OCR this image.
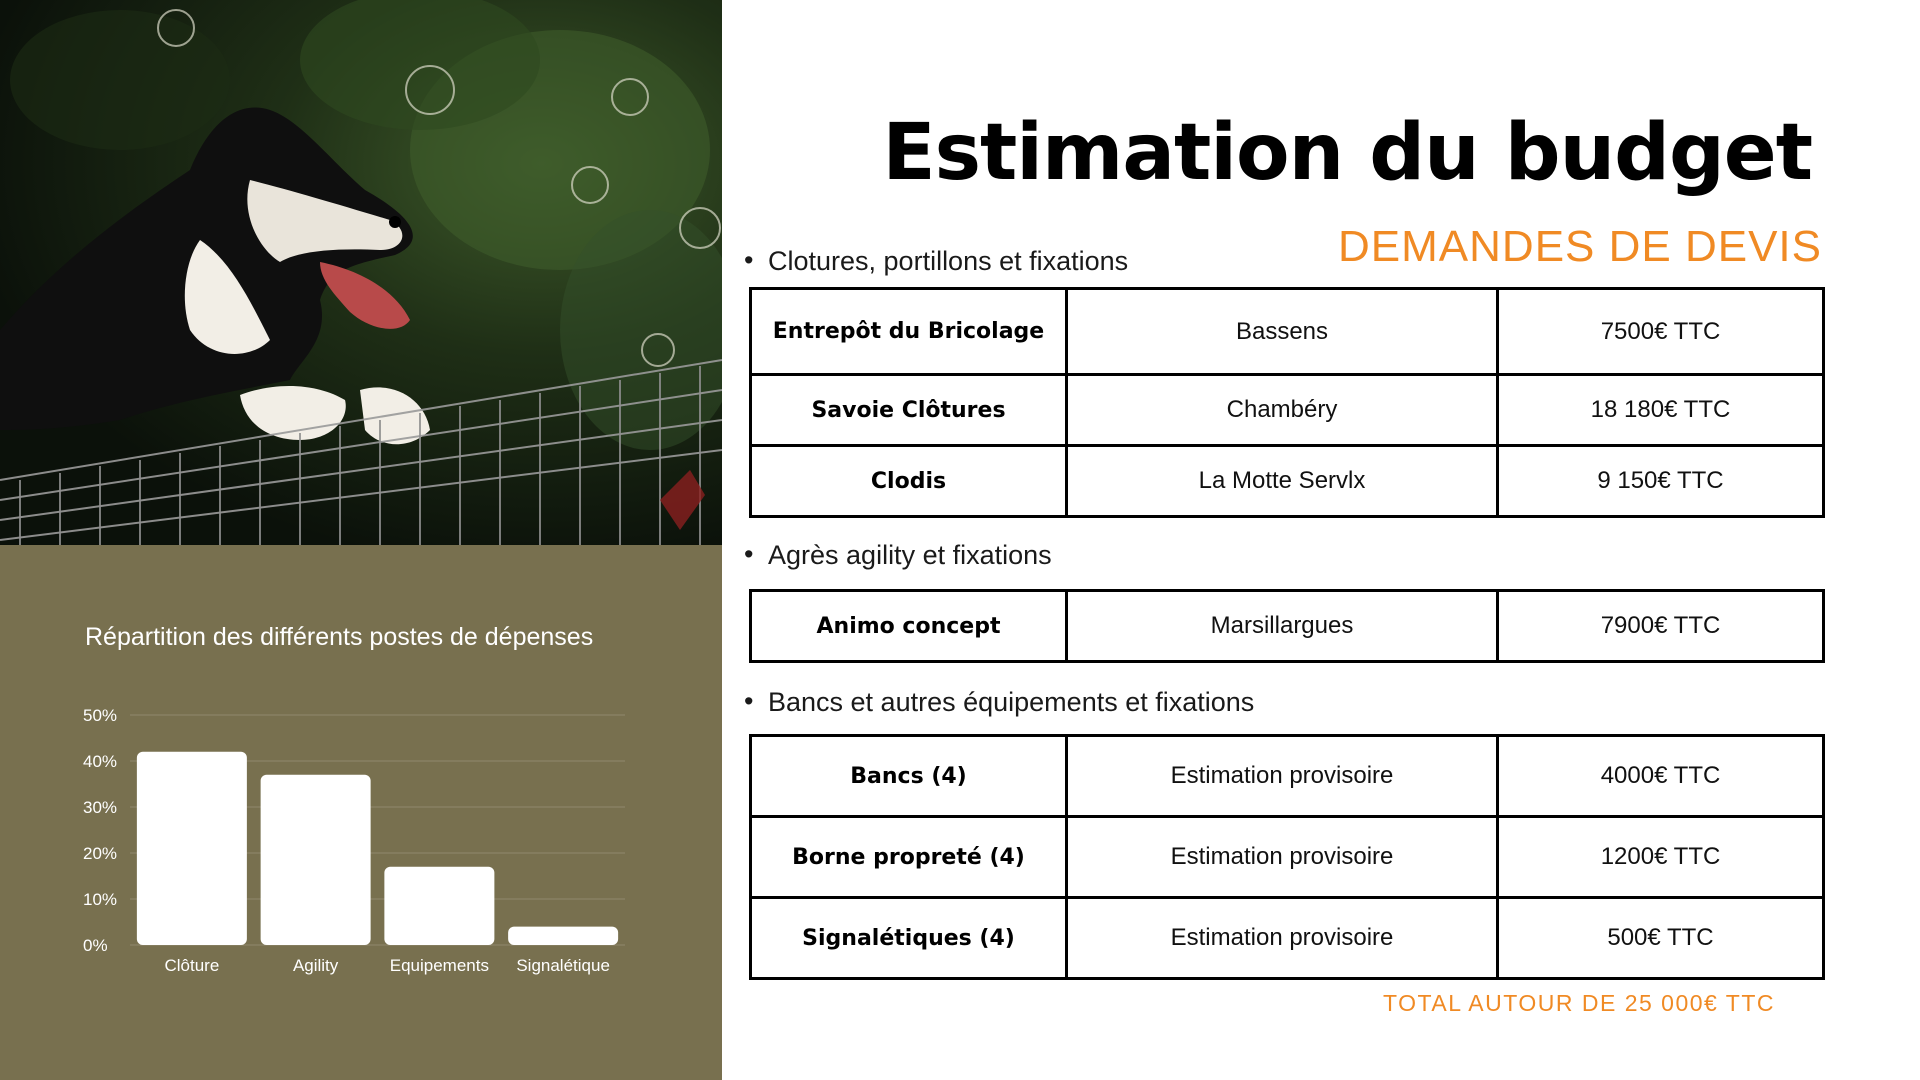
Répartition des différents postes de dépenses
0%
10%
20%
30%
40%
50%
Clôture	Agility	Equipements Signalétique
Estimation du budget
DEMANDES DE DEVIS
• Clotures, portillons et fixations
Entrepôt du Bricolage	Bassens	7500€ TTC
Savoie Clôtures	Chambéry	18 180€ TTC
Clodis	La Motte Servlx	9 150€ TTC
• Agrès agility et fixations
Animo concept	Marsillargues	7900€ TTC
• Bancs et autres équipements et fixations
Bancs (4)	Estimation provisoire	4000€ TTC
Borne propreté (4)	Estimation provisoire	1200€ TTC
Signalétiques (4)	Estimation provisoire	500€ TTC
TOTAL AUTOUR DE 25 000€ TTC
